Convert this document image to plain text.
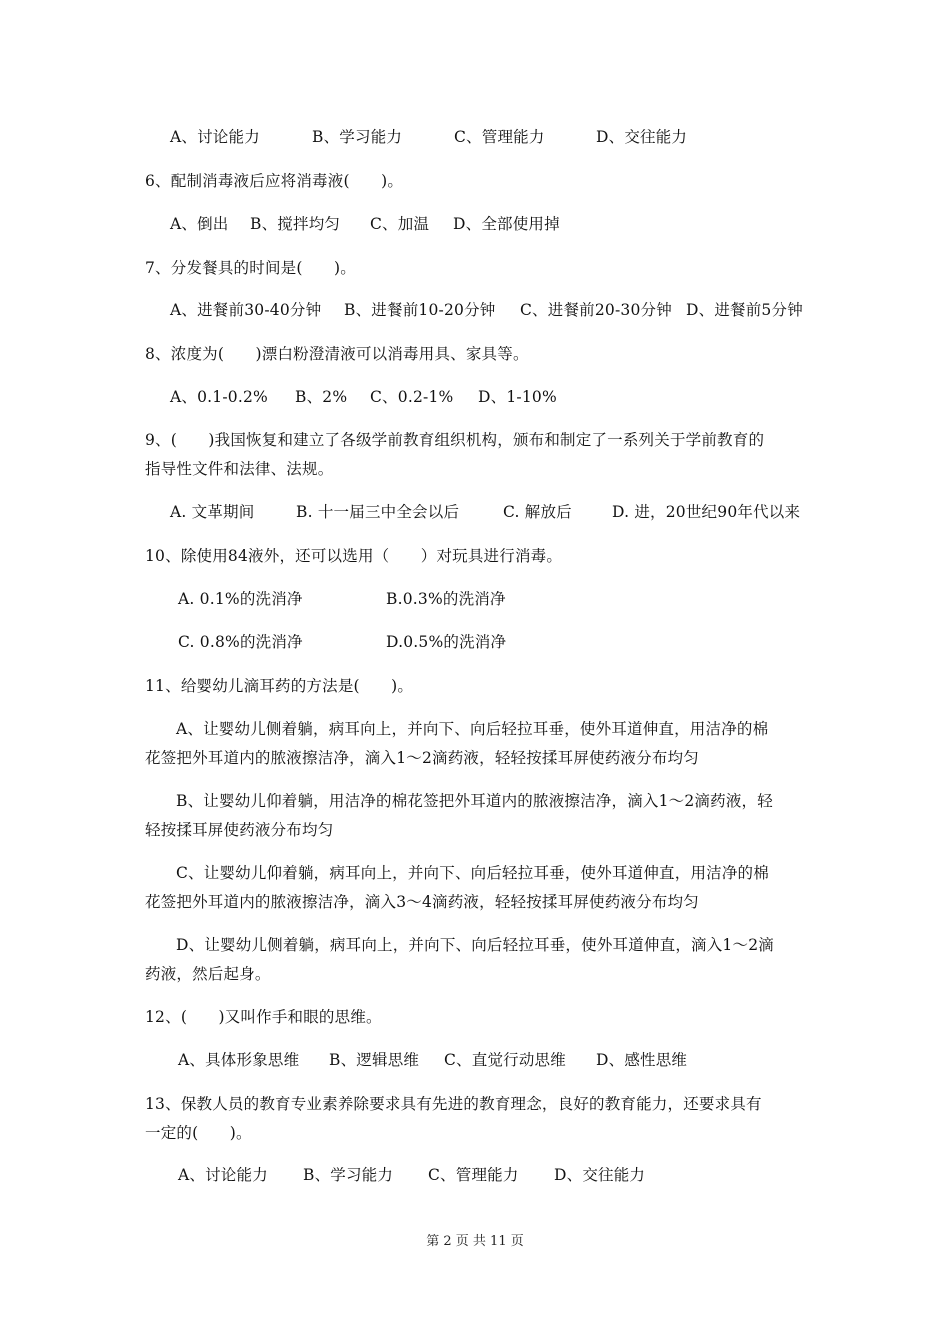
A、讨论能力	B、学习能力	C、管理能力	D、交往能力
6、配制消毒液后应将消毒液(　　)。
A、倒出 B、搅拌均匀 C、加温 D、全部使用掉
7、分发餐具的时间是(　　)。
A、进餐前30-40分钟 B、进餐前10-20分钟 C、进餐前20-30分钟 D、进餐前5分钟
8、浓度为(　　)漂白粉澄清液可以消毒用具、家具等。
A、0.1-0.2% B、2% C、0.2-1% D、1-10%
9、(　　)我国恢复和建立了各级学前教育组织机构，颁布和制定了一系列关于学前教育的
指导性文件和法律、法规。
A. 文革期间	B. 十一届三中全会以后	C. 解放后	D. 进，20世纪90年代以来
10、除使用84液外，还可以选用（　　）对玩具进行消毒。
A. 0.1%的洗消净	B.0.3%的洗消净
C. 0.8%的洗消净	D.0.5%的洗消净
11、给婴幼儿滴耳药的方法是(　　)。
A、让婴幼儿侧着躺，病耳向上，并向下、向后轻拉耳垂，使外耳道伸直，用洁净的棉
花签把外耳道内的脓液擦洁净，滴入1～2滴药液，轻轻按揉耳屏使药液分布均匀
B、让婴幼儿仰着躺，用洁净的棉花签把外耳道内的脓液擦洁净，滴入1～2滴药液，轻
轻按揉耳屏使药液分布均匀
C、让婴幼儿仰着躺，病耳向上，并向下、向后轻拉耳垂，使外耳道伸直，用洁净的棉
花签把外耳道内的脓液擦洁净，滴入3～4滴药液，轻轻按揉耳屏使药液分布均匀
D、让婴幼儿侧着躺，病耳向上，并向下、向后轻拉耳垂，使外耳道伸直，滴入1～2滴
药液，然后起身。
12、(　　)又叫作手和眼的思维。
A、具体形象思维 B、逻辑思维 C、直觉行动思维 D、感性思维
13、保教人员的教育专业素养除要求具有先进的教育理念，良好的教育能力，还要求具有
一定的(　　)。
A、讨论能力 B、学习能力 C、管理能力 D、交往能力
第 2 页 共 11 页
